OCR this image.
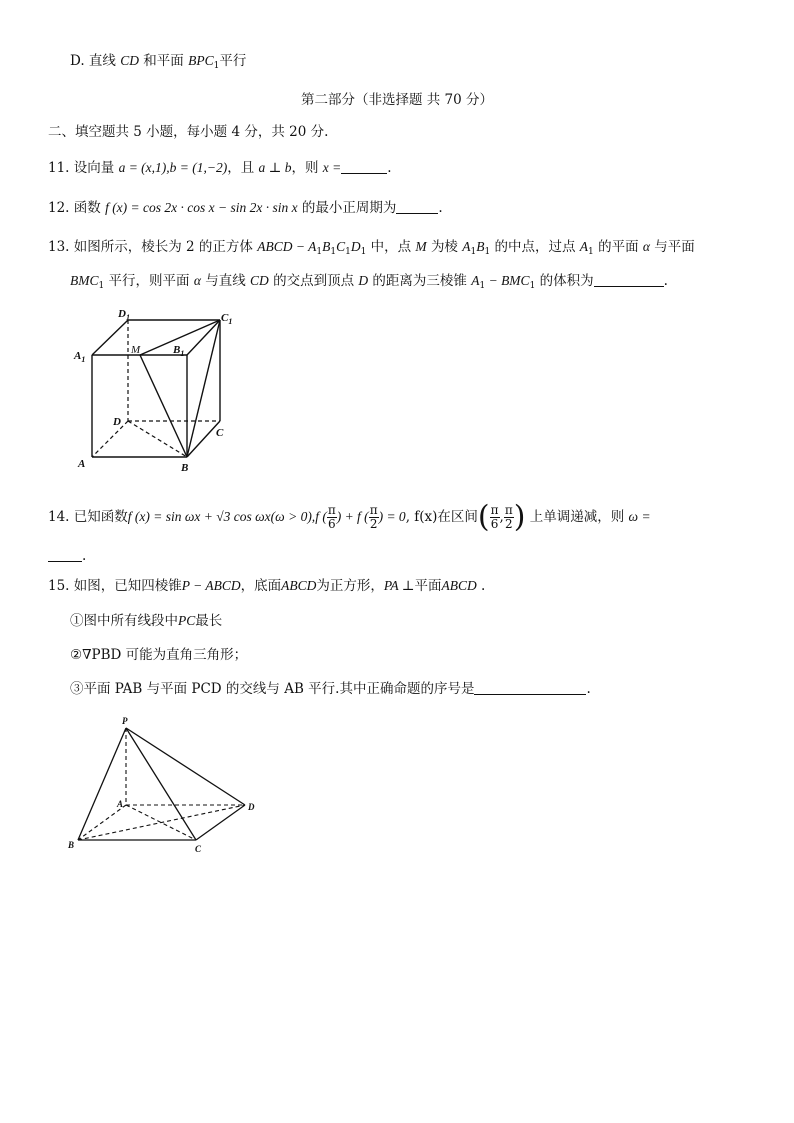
D. 直线 CD 和平面 $BPC_1$平行
第二部分（非选择题 共 70 分）
二、填空题共 5 小题，每小题 4 分，共 20 分.
11. 设向量 a = (x,1),b = (1,−2)，且 a ⊥ b，则 x =	.
12. 函数 f (x) = cos 2x · cos x − sin 2x · sin x 的最小正周期为	.
13. 如图所示，棱长为 2 的正方体 ABCD − $A_1B_1C_1D_1$ 中，点 M 为棱 $A_1B_1$ 的中点，过点 $A_1$ 的平面 α 与平面
$BMC_1$ 平行，则平面 α 与直线 CD 的交点到顶点 D 的距离为三棱锥 $A_1 - BMC_1$ 的体积为	.
$D_1$	$C_1$
$A_1$
M	$B_1$
D
C
A	B
14. 已知函数f (x) = sin ωx + √3 cos ωx(ω > 0),f ( $\frac{\pi}{6}$ ) + f ( $\frac{\pi}{2}$ ) = 0, f(x)在区间( $\frac{\pi}{6}$ , $\frac{\pi}{2}$ ) 上单调递减，则 ω =
.
15. 如图，已知四棱锥P − ABCD，底面ABCD为正方形，PA ⊥平面ABCD .
①图中所有线段中PC最长
②∇PBD 可能为直角三角形；
③平面 PAB 与平面 PCD 的交线与 AB 平行.其中正确命题的序号是	.
P
A	D
B	C
